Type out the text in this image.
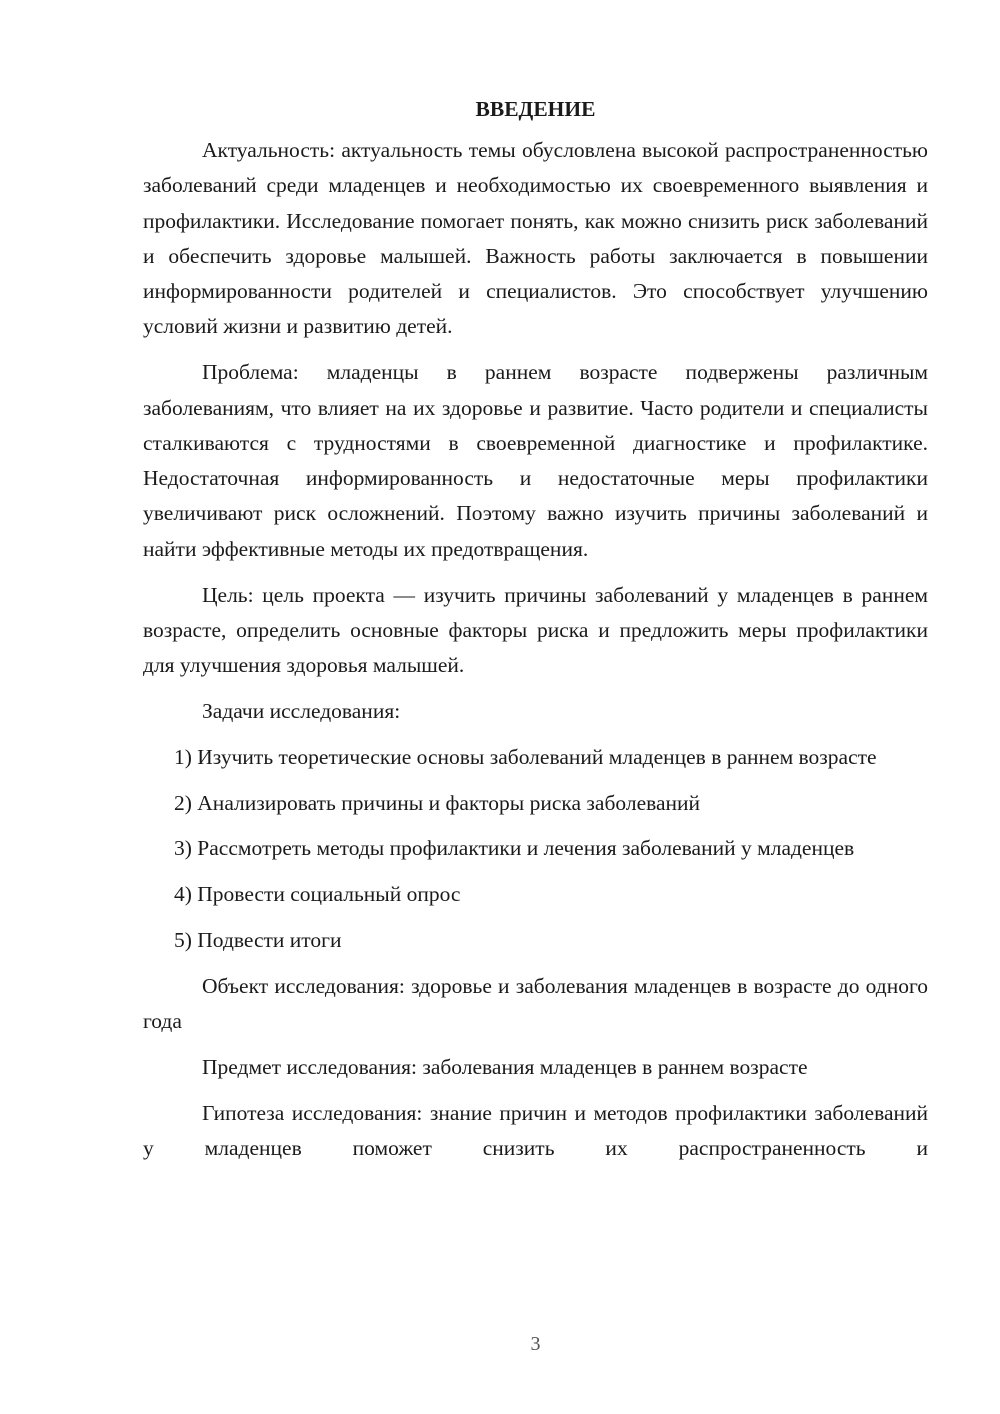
ВВЕДЕНИЕ

Актуальность: актуальность темы обусловлена высокой распространенностью заболеваний среди младенцев и необходимостью их своевременного выявления и профилактики. Исследование помогает понять, как можно снизить риск заболеваний и обеспечить здоровье малышей. Важность работы заключается в повышении информированности родителей и специалистов. Это способствует улучшению условий жизни и развитию детей.

Проблема: младенцы в раннем возрасте подвержены различным заболеваниям, что влияет на их здоровье и развитие. Часто родители и специалисты сталкиваются с трудностями в своевременной диагностике и профилактике. Недостаточная информированность и недостаточные меры профилактики увеличивают риск осложнений. Поэтому важно изучить причины заболеваний и найти эффективные методы их предотвращения.

Цель: цель проекта — изучить причины заболеваний у младенцев в раннем возрасте, определить основные факторы риска и предложить меры профилактики для улучшения здоровья малышей.

Задачи исследования:

1) Изучить теоретические основы заболеваний младенцев в раннем возрасте

2) Анализировать причины и факторы риска заболеваний

3) Рассмотреть методы профилактики и лечения заболеваний у младенцев

4) Провести социальный опрос

5) Подвести итоги

Объект исследования: здоровье и заболевания младенцев в возрасте до одного года

Предмет исследования: заболевания младенцев в раннем возрасте

Гипотеза исследования: знание причин и методов профилактики заболеваний у младенцев поможет снизить их распространенность и

3
